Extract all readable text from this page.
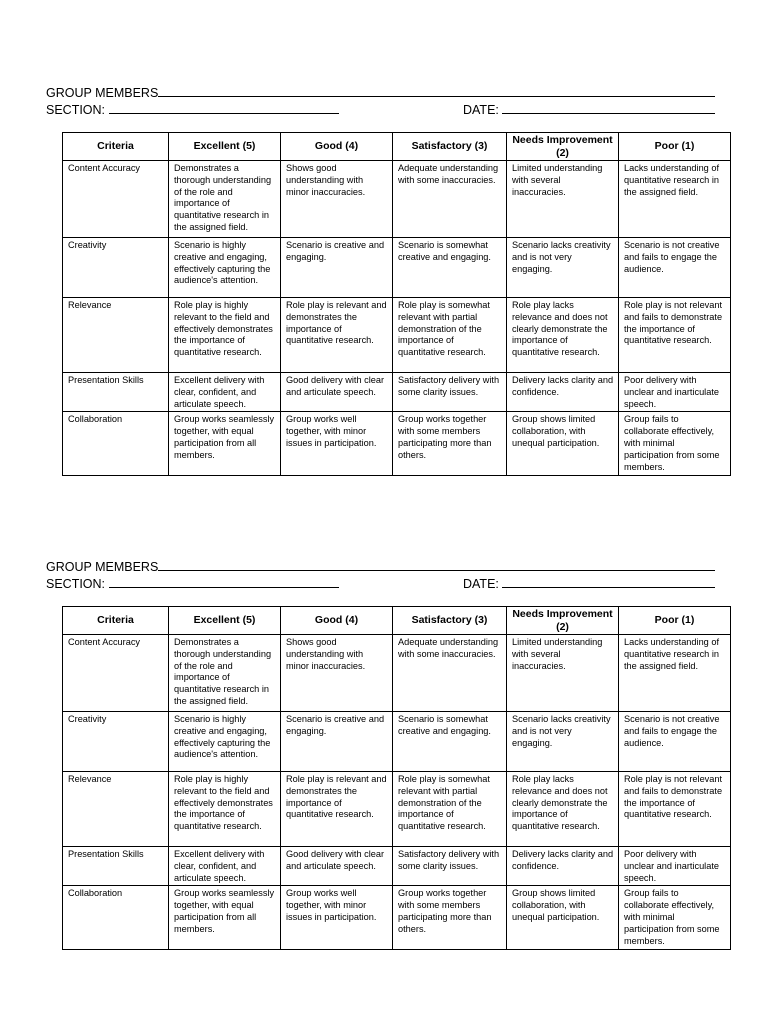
GROUP MEMBERS
SECTION:	DATE:
Criteria	Excellent (5)	Good (4)	Satisfactory (3)	Needs Improvement (2)	Poor (1)
Content Accuracy	Demonstrates a thorough understanding of the role and importance of quantitative research in the assigned field.	Shows good understanding with minor inaccuracies.	Adequate understanding with some inaccuracies.	Limited understanding with several inaccuracies.	Lacks understanding of quantitative research in the assigned field.
Creativity	Scenario is highly creative and engaging, effectively capturing the audience's attention.	Scenario is creative and engaging.	Scenario is somewhat creative and engaging.	Scenario lacks creativity and is not very engaging.	Scenario is not creative and fails to engage the audience.
Relevance	Role play is highly relevant to the field and effectively demonstrates the importance of quantitative research.	Role play is relevant and demonstrates the importance of quantitative research.	Role play is somewhat relevant with partial demonstration of the importance of quantitative research.	Role play lacks relevance and does not clearly demonstrate the importance of quantitative research.	Role play is not relevant and fails to demonstrate the importance of quantitative research.
Presentation Skills	Excellent delivery with clear, confident, and articulate speech.	Good delivery with clear and articulate speech.	Satisfactory delivery with some clarity issues.	Delivery lacks clarity and confidence.	Poor delivery with unclear and inarticulate speech.
Collaboration	Group works seamlessly together, with equal participation from all members.	Group works well together, with minor issues in participation.	Group works together with some members participating more than others.	Group shows limited collaboration, with unequal participation.	Group fails to collaborate effectively, with minimal participation from some members.
GROUP MEMBERS
SECTION:	DATE:
Criteria	Excellent (5)	Good (4)	Satisfactory (3)	Needs Improvement (2)	Poor (1)
Content Accuracy	Demonstrates a thorough understanding of the role and importance of quantitative research in the assigned field.	Shows good understanding with minor inaccuracies.	Adequate understanding with some inaccuracies.	Limited understanding with several inaccuracies.	Lacks understanding of quantitative research in the assigned field.
Creativity	Scenario is highly creative and engaging, effectively capturing the audience's attention.	Scenario is creative and engaging.	Scenario is somewhat creative and engaging.	Scenario lacks creativity and is not very engaging.	Scenario is not creative and fails to engage the audience.
Relevance	Role play is highly relevant to the field and effectively demonstrates the importance of quantitative research.	Role play is relevant and demonstrates the importance of quantitative research.	Role play is somewhat relevant with partial demonstration of the importance of quantitative research.	Role play lacks relevance and does not clearly demonstrate the importance of quantitative research.	Role play is not relevant and fails to demonstrate the importance of quantitative research.
Presentation Skills	Excellent delivery with clear, confident, and articulate speech.	Good delivery with clear and articulate speech.	Satisfactory delivery with some clarity issues.	Delivery lacks clarity and confidence.	Poor delivery with unclear and inarticulate speech.
Collaboration	Group works seamlessly together, with equal participation from all members.	Group works well together, with minor issues in participation.	Group works together with some members participating more than others.	Group shows limited collaboration, with unequal participation.	Group fails to collaborate effectively, with minimal participation from some members.
